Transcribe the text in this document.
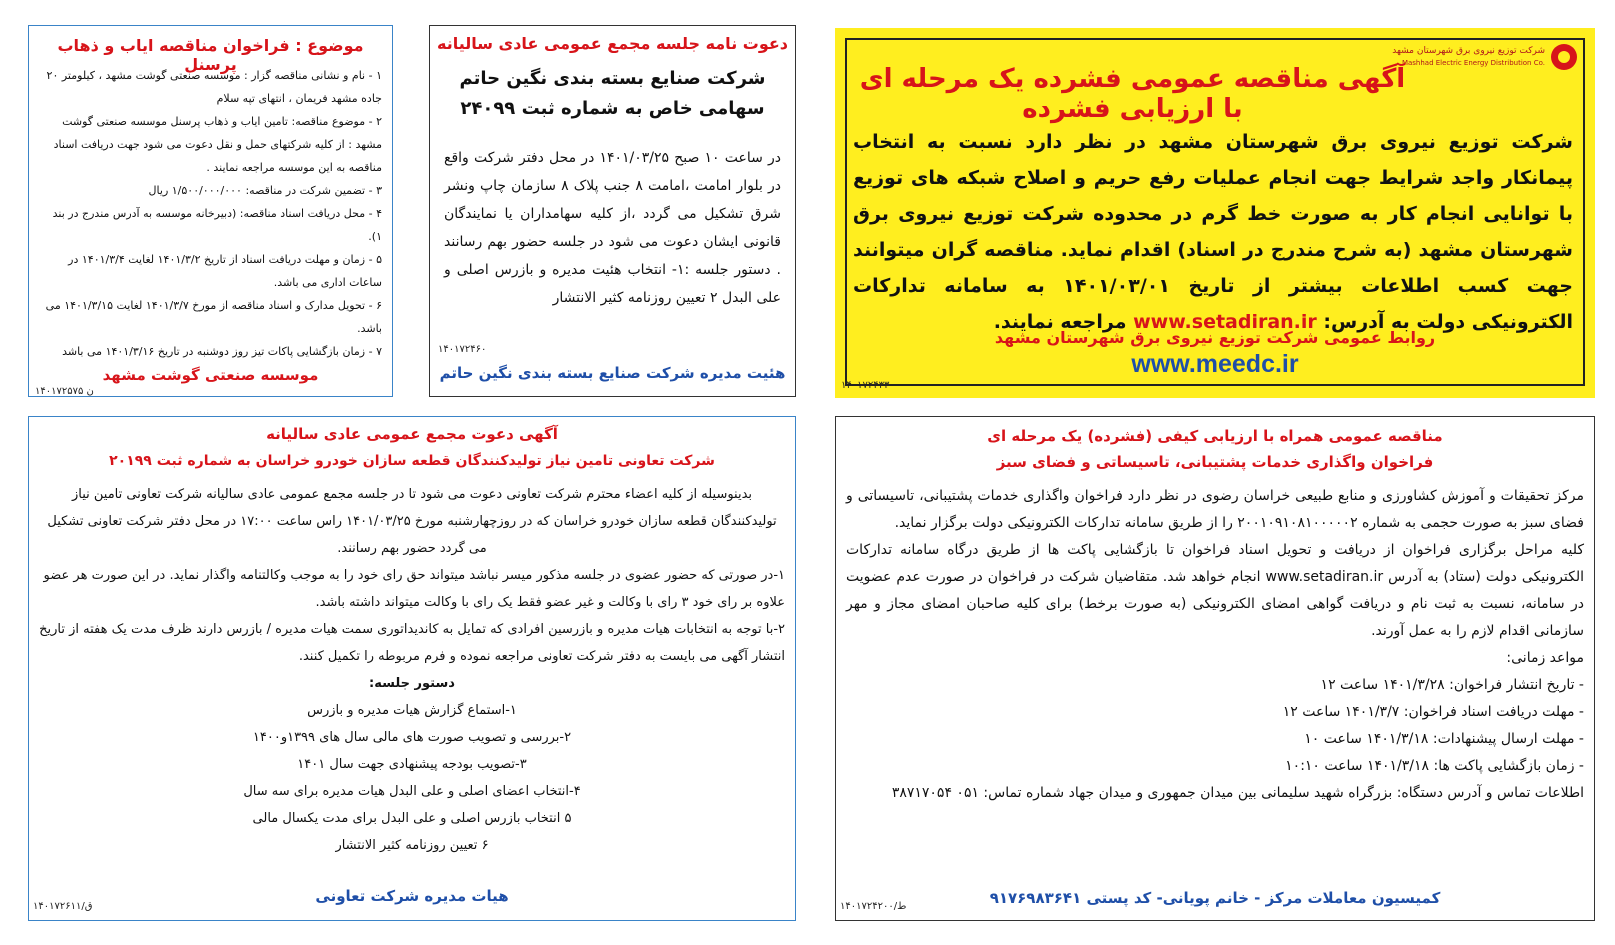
شرکت توزیع نیروی برق شهرستان مشهد
Mashhad Electric Energy Distribution Co.
آگهی مناقصه عمومی فشرده یک مرحله ای با ارزیابی فشرده
شرکت توزیع نیروی برق شهرستان مشهد در نظر دارد نسبت به انتخاب پیمانکار واجد شرایط جهت انجام عملیات رفع حریم و اصلاح شبکه های توزیع با توانایی انجام کار به صورت خط گرم در محدوده شرکت توزیع نیروی برق شهرستان مشهد (به شرح مندرج در اسناد) اقدام نماید. مناقصه گران میتوانند جهت کسب اطلاعات بیشتر از تاریخ ۱۴۰۱/۰۳/۰۱ به سامانه تدارکات الکترونیکی دولت به آدرس: www.setadiran.ir مراجعه نمایند.
روابط عمومی شرکت توزیع نیروی برق شهرستان مشهد
www.meedc.ir
۱۴۰۱۷۲۴۳۳
دعوت نامه جلسه مجمع عمومی عادی سالیانه
شرکت صنایع بسته بندی نگین حاتم
سهامی خاص به شماره ثبت ۲۴۰۹۹
در ساعت ۱۰ صبح ۱۴۰۱/۰۳/۲۵ در محل دفتر شرکت واقع در بلوار امامت ،امامت ۸ جنب پلاک ۸ سازمان چاپ ونشر شرق تشکیل می گردد ،از کلیه سهامداران یا نمایندگان قانونی ایشان دعوت می شود در جلسه حضور بهم رسانند . دستور جلسه :۱- انتخاب هئیت مدیره و بازرس اصلی و علی البدل ۲ تعیین روزنامه کثیر الانتشار
۱۴۰۱۷۲۴۶۰
هئیت مدیره شرکت صنایع بسته بندی نگین حاتم
موضوع : فراخوان مناقصه ایاب و ذهاب پرسنل

۱ - نام و نشانی مناقصه گزار : موسسه صنعتی گوشت مشهد ، کیلومتر ۲۰ جاده مشهد فریمان ، انتهای تپه سلام

۲ - موضوع مناقصه: تامین ایاب و ذهاب پرسنل موسسه صنعتی گوشت مشهد : از کلیه شرکتهای حمل و نقل دعوت می شود جهت دریافت اسناد مناقصه به این موسسه مراجعه نمایند .

۳ - تضمین شرکت در مناقصه: ۱/۵۰۰/۰۰۰/۰۰۰ ریال

۴ - محل دریافت اسناد مناقصه: (دبیرخانه موسسه به آدرس مندرج در بند ۱).

۵ - زمان و مهلت دریافت اسناد از تاریخ ۱۴۰۱/۳/۲ لغایت ۱۴۰۱/۳/۴ در ساعات اداری می باشد.

۶ - تحویل مدارک و اسناد مناقصه از مورخ ۱۴۰۱/۳/۷ لغایت ۱۴۰۱/۳/۱۵ می باشد.

۷ - زمان بازگشایی پاکات تیز روز دوشنبه در تاریخ ۱۴۰۱/۳/۱۶ می باشد

موسسه صنعتی گوشت مشهد
۱۴۰۱۷۲۵۷۵ ن
آگهی دعوت مجمع عمومی عادی سالیانه
شرکت تعاونی تامین نیاز تولیدکنندگان قطعه سازان خودرو خراسان به شماره ثبت ۲۰۱۹۹

بدینوسیله از کلیه اعضاء محترم شرکت تعاونی دعوت می شود تا در جلسه مجمع عمومی عادی سالیانه شرکت تعاونی تامین نیاز تولیدکنندگان قطعه سازان خودرو خراسان که در روزچهارشنبه مورخ ۱۴۰۱/۰۳/۲۵ راس ساعت ۱۷:۰۰ در محل دفتر شرکت تعاونی تشکیل می گردد حضور بهم رسانند.

۱-در صورتی که حضور عضوی در جلسه مذکور میسر نباشد میتواند حق رای خود را به موجب وکالتنامه واگذار نماید. در این صورت هر عضو علاوه بر رای خود ۳ رای با وکالت و غیر عضو فقط یک رای با وکالت میتواند داشته باشد.

۲-با توجه به انتخابات هیات مدیره و بازرسین افرادی که تمایل به کاندیداتوری سمت هیات مدیره / بازرس دارند ظرف مدت یک هفته از تاریخ انتشار آگهی می بایست به دفتر شرکت تعاونی مراجعه نموده و فرم مربوطه را تکمیل کنند.

دستور جلسه:

۱-استماع گزارش هیات مدیره و بازرس

۲-بررسی و تصویب صورت های مالی سال های ۱۳۹۹و۱۴۰۰

۳-تصویب بودجه پیشنهادی جهت سال ۱۴۰۱

۴-انتخاب اعضای اصلی و علی البدل هیات مدیره برای سه سال

۵ انتخاب بازرس اصلی و علی البدل برای مدت یکسال مالی

۶ تعیین روزنامه کثیر الانتشار

هیات مدیره شرکت تعاونی
ق/۱۴۰۱۷۲۶۱۱
مناقصه عمومی همراه با ارزیابی کیفی (فشرده) یک مرحله ای
فراخوان واگذاری خدمات پشتیبانی، تاسیساتی و فضای سبز

مرکز تحقیقات و آموزش کشاورزی و منابع طبیعی خراسان رضوی در نظر دارد فراخوان واگذاری خدمات پشتیبانی، تاسیساتی و فضای سبز به صورت حجمی به شماره ۲۰۰۱۰۹۱۰۸۱۰۰۰۰۰۲ را از طریق سامانه تدارکات الکترونیکی دولت برگزار نماید.

کلیه مراحل برگزاری فراخوان از دریافت و تحویل اسناد فراخوان تا بازگشایی پاکت ها از طریق درگاه سامانه تدارکات الکترونیکی دولت (ستاد) به آدرس www.setadiran.ir انجام خواهد شد. متقاضیان شرکت در فراخوان در صورت عدم عضویت در سامانه، نسبت به ثبت نام و دریافت گواهی امضای الکترونیکی (به صورت برخط) برای کلیه صاحبان امضای مجاز و مهر سازمانی اقدام لازم را به عمل آورند.

مواعد زمانی:

- تاریخ انتشار فراخوان: ۱۴۰۱/۳/۲۸ ساعت ۱۲

- مهلت دریافت اسناد فراخوان: ۱۴۰۱/۳/۷ ساعت ۱۲

- مهلت ارسال پیشنهادات: ۱۴۰۱/۳/۱۸ ساعت ۱۰

- زمان بازگشایی پاکت ها: ۱۴۰۱/۳/۱۸ ساعت ۱۰:۱۰

اطلاعات تماس و آدرس دستگاه: بزرگراه شهید سلیمانی بین میدان جمهوری و میدان جهاد شماره تماس: ۰۵۱ ۳۸۷۱۷۰۵۴

کمیسیون معاملات مرکز - خانم پویانی- کد پستی ۹۱۷۶۹۸۳۶۴۱
ط/۱۴۰۱۷۲۴۲۰۰
